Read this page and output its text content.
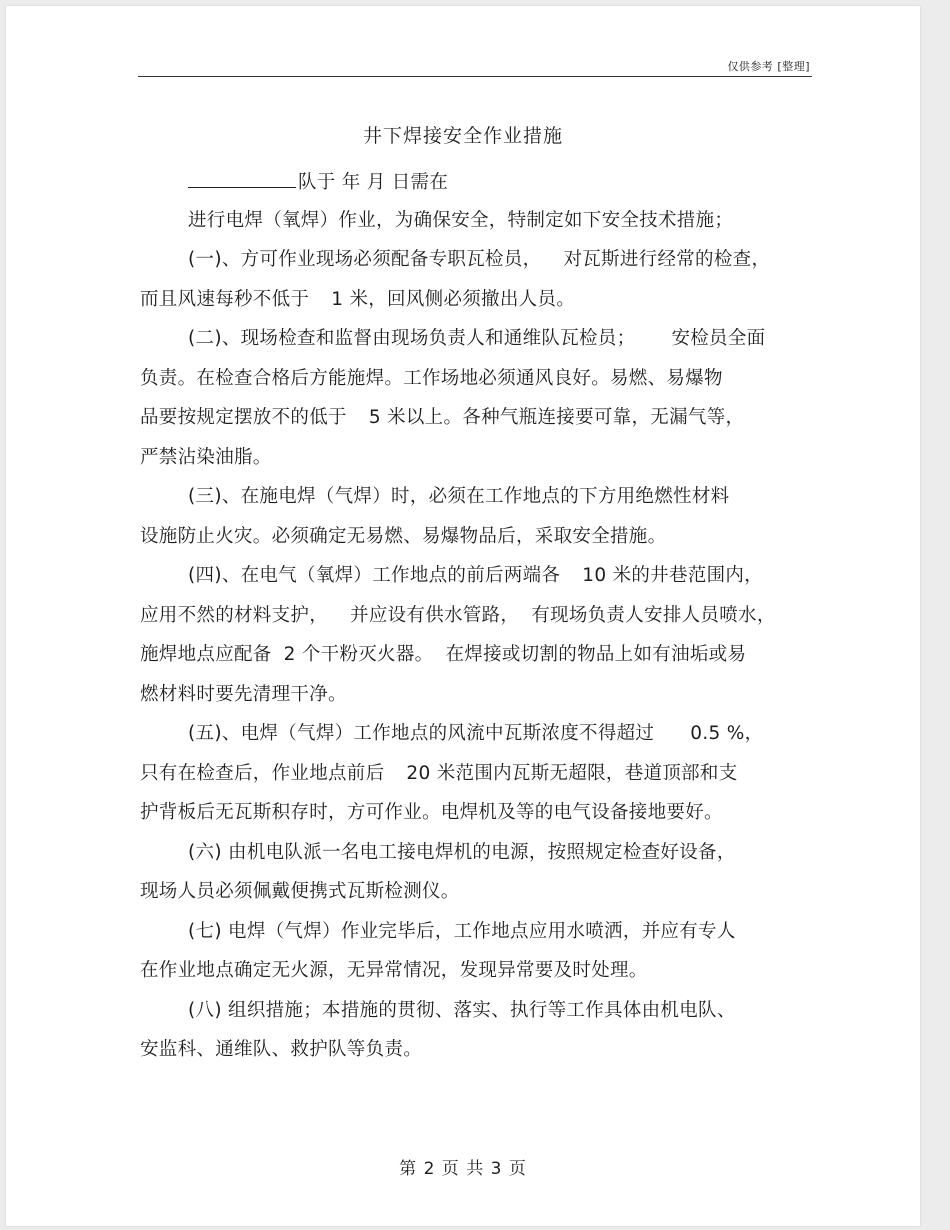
仅供参考 [整理]
井下焊接安全作业措施
队于 年 月 日需在
进行电焊（氧焊）作业，为确保安全，特制定如下安全技术措施；
(一)、方可作业现场必须配备专职瓦检员， 对瓦斯进行经常的检查，
而且风速每秒不低于 1 米，回风侧必须撤出人员。
(二)、现场检查和监督由现场负责人和通维队瓦检员； 安检员全面
负责。在检查合格后方能施焊。工作场地必须通风良好。易燃、易爆物
品要按规定摆放不的低于 5 米以上。各种气瓶连接要可靠，无漏气等，
严禁沾染油脂。
(三)、在施电焊（气焊）时，必须在工作地点的下方用绝燃性材料
设施防止火灾。必须确定无易燃、易爆物品后，采取安全措施。
(四)、在电气（氧焊）工作地点的前后两端各 10 米的井巷范围内，
应用不然的材料支护， 并应设有供水管路， 有现场负责人安排人员喷水，
施焊地点应配备 2 个干粉灭火器。 在焊接或切割的物品上如有油垢或易
燃材料时要先清理干净。
(五)、电焊（气焊）工作地点的风流中瓦斯浓度不得超过 0.5 %，
只有在检查后，作业地点前后 20 米范围内瓦斯无超限，巷道顶部和支
护背板后无瓦斯积存时，方可作业。电焊机及等的电气设备接地要好。
(六) 由机电队派一名电工接电焊机的电源，按照规定检查好设备，
现场人员必须佩戴便携式瓦斯检测仪。
(七) 电焊（气焊）作业完毕后，工作地点应用水喷洒，并应有专人
在作业地点确定无火源，无异常情况，发现异常要及时处理。
(八) 组织措施；本措施的贯彻、落实、执行等工作具体由机电队、
安监科、通维队、救护队等负责。
第 2 页 共 3 页
